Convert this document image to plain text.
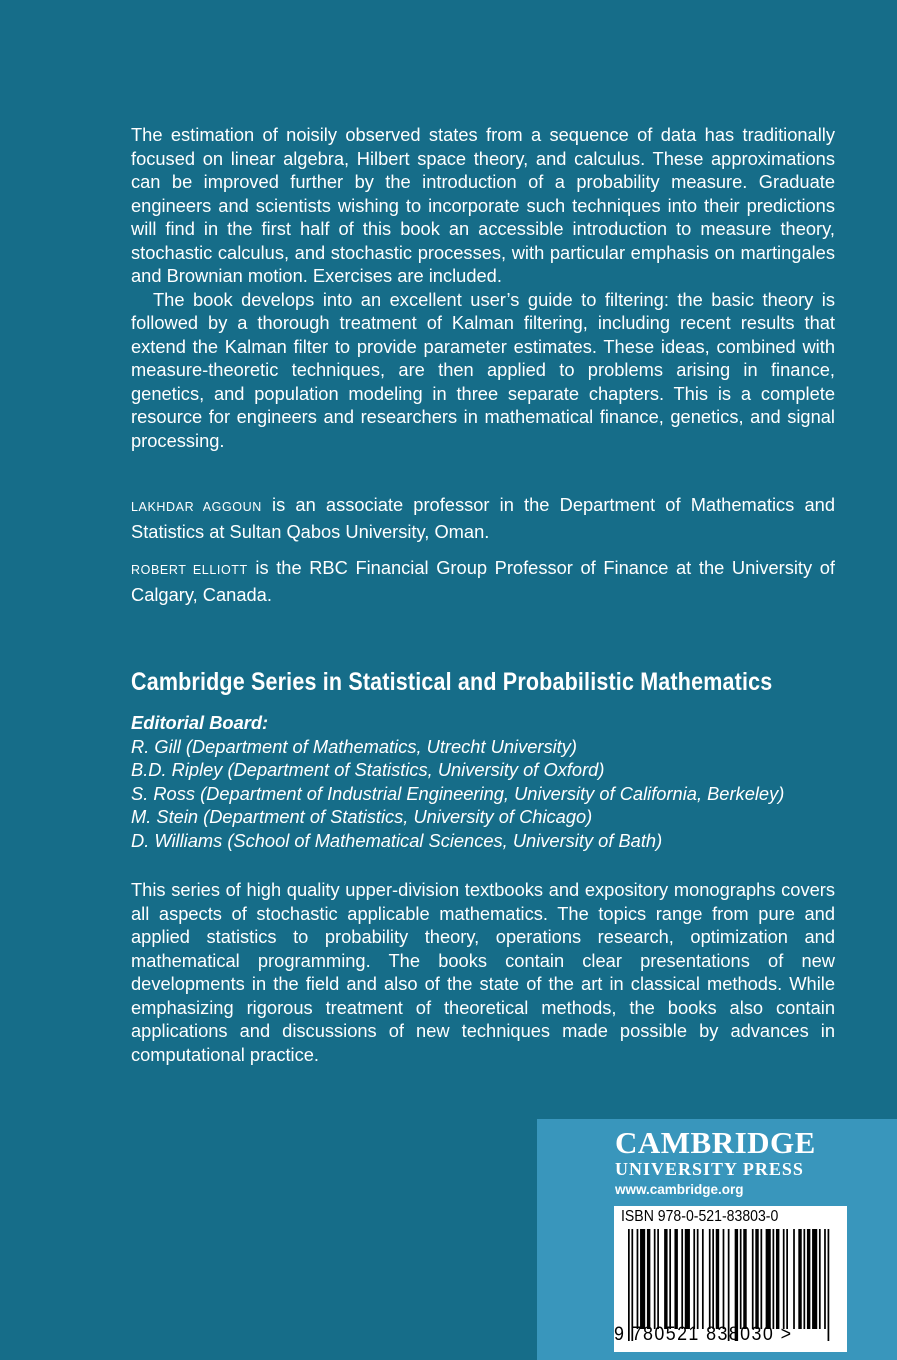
The estimation of noisily observed states from a sequence of data has traditionally focused on linear algebra, Hilbert space theory, and calculus. These approximations can be improved further by the introduction of a probability measure. Graduate engineers and scientists wishing to incorporate such techniques into their predictions will find in the first half of this book an accessible introduction to measure theory, stochastic calculus, and stochastic processes, with particular emphasis on martingales and Brownian motion. Exercises are included.

The book develops into an excellent user’s guide to filtering: the basic theory is followed by a thorough treatment of Kalman filtering, including recent results that extend the Kalman filter to provide parameter estimates. These ideas, combined with measure-theoretic techniques, are then applied to problems arising in finance, genetics, and population modeling in three separate chapters. This is a complete resource for engineers and researchers in mathematical finance, genetics, and signal processing.

LAKHDAR AGGOUN is an associate professor in the Department of Mathematics and Statistics at Sultan Qabos University, Oman.

ROBERT ELLIOTT is the RBC Financial Group Professor of Finance at the University of Calgary, Canada.

Cambridge Series in Statistical and Probabilistic Mathematics
Editorial Board:
R. Gill (Department of Mathematics, Utrecht University)
B.D. Ripley (Department of Statistics, University of Oxford)
S. Ross (Department of Industrial Engineering, University of California, Berkeley)
M. Stein (Department of Statistics, University of Chicago)
D. Williams (School of Mathematical Sciences, University of Bath)

This series of high quality upper-division textbooks and expository monographs covers all aspects of stochastic applicable mathematics. The topics range from pure and applied statistics to probability theory, operations research, optimization and mathematical programming. The books contain clear presentations of new developments in the field and also of the state of the art in classical methods. While emphasizing rigorous treatment of theoretical methods, the books also contain applications and discussions of new techniques made possible by advances in computational practice.

CAMBRIDGE
UNIVERSITY PRESS
www.cambridge.org
ISBN 978-0-521-83803-0
9 780521 838030 >
